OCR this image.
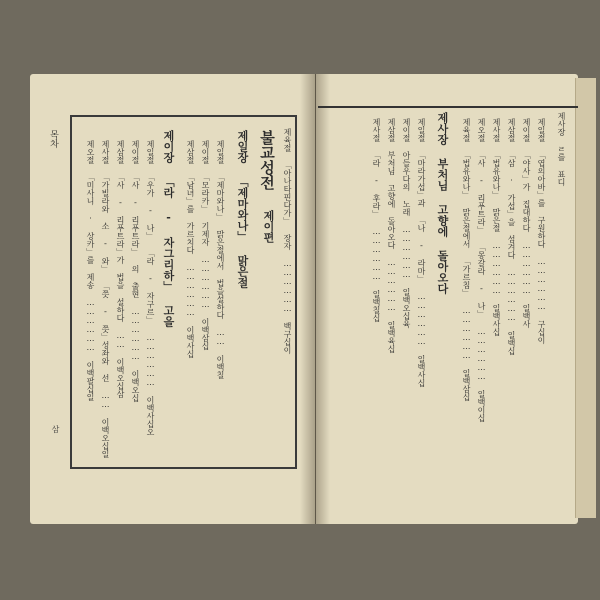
제육절 「아나타핀다가」 장자 ……………… 백구십이
불교성전
제이편
제일장 「제마와나」 맑은절
제일절 「제마와나」 맑은절에서 법을설하다 …… 이백칠
제이절 「모라카」 기제자 ……………… 이백삼십
제삼절 「남녀」를 가르치다 ……………… 이백사십
제이장 「라 - 자그리하」 고을
제일절 「우가 - 나」 「라 - 자구르」 ……………… 이백사십오
제이절 「사 - 리푸트라」 의 출현 ……………… 이백오십
제삼절 「사 - 리푸트라」가 법을 설하다 …… 이백오십삼
제사절 「가빌라와 소 - 와」 「쯧 - 쯧」성좌와 선 …… 이백오십일
제오절 「미사니 · 상카」를 제송 ……………… 이백팔십일
목차
삼
제사장 ㄹ를 표디
제일절 「엽의아바」를 구원하다 ……………… 구십이
제이절 「야사」가 집대하다 ……………… 일백사
제삼절 「삼 · 가섭」을 섬겨다 ……………… 일백십
제사절 「법유와나」 맑은절 ……………… 일백사십
제오절 「사 - 리푸트라」 「몽갈라 - 나」 ……………… 일백이십
제육절 「법유와나」 맑은절에서 「가르침」 ……………… 일백삼십
제사장 부처님 고향에 돌아오다
제일절 「마라가섭」과 「나 - 라마」 ……………… 일백사십
제이절 아들우다의 노래 ……………… 일백오십육
제삼절 부처님 고향에 돌아오다 ……………… 일백육십
제사절 「라 - 후라」 ……………… 일백칠십
